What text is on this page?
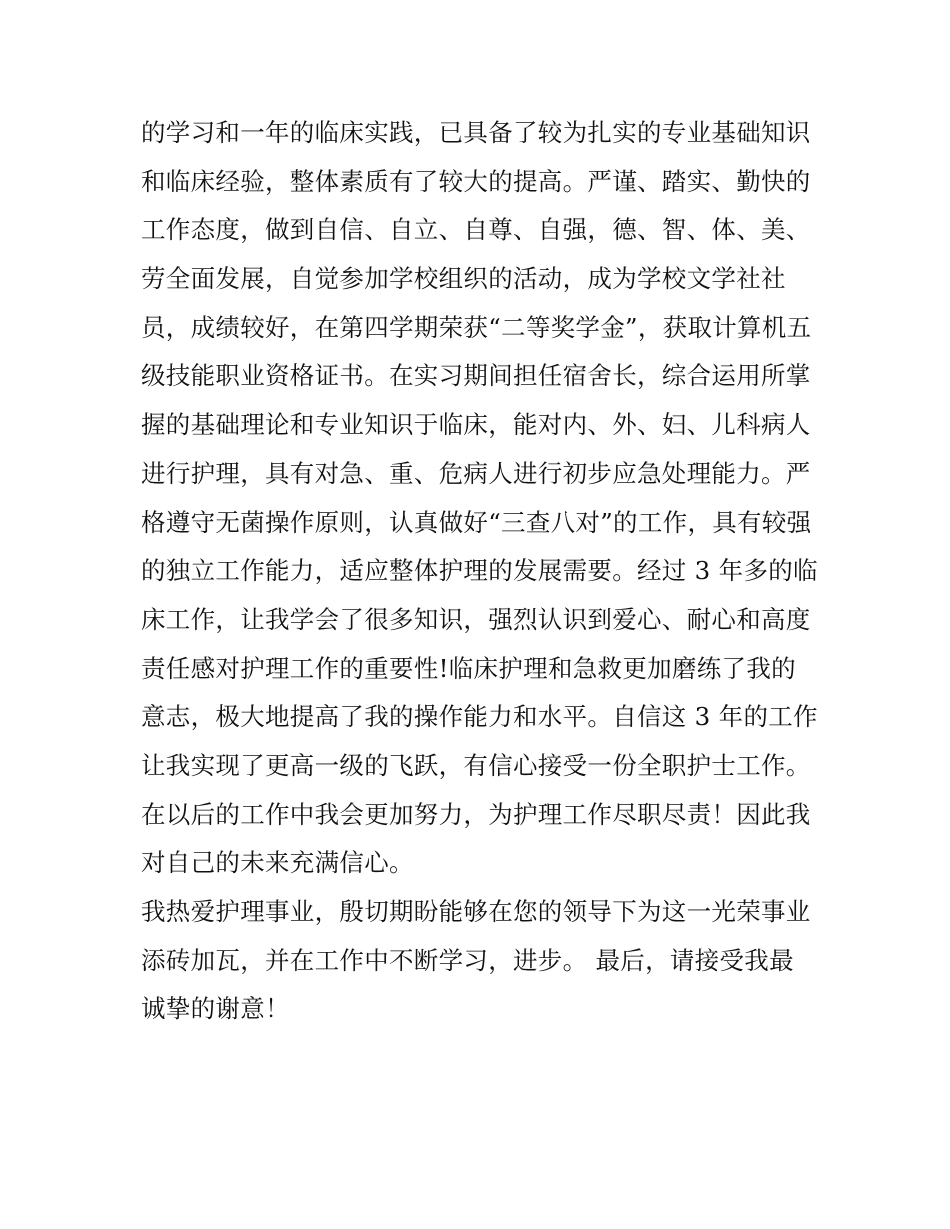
的学习和一年的临床实践，已具备了较为扎实的专业基础知识
和临床经验，整体素质有了较大的提高。严谨、踏实、勤快的
工作态度，做到自信、自立、自尊、自强，德、智、体、美、
劳全面发展，自觉参加学校组织的活动，成为学校文学社社
员，成绩较好，在第四学期荣获“二等奖学金”，获取计算机五
级技能职业资格证书。在实习期间担任宿舍长，综合运用所掌
握的基础理论和专业知识于临床，能对内、外、妇、儿科病人
进行护理，具有对急、重、危病人进行初步应急处理能力。严
格遵守无菌操作原则，认真做好“三查八对”的工作，具有较强
的独立工作能力，适应整体护理的发展需要。经过 3 年多的临
床工作，让我学会了很多知识，强烈认识到爱心、耐心和高度
责任感对护理工作的重要性!临床护理和急救更加磨练了我的
意志，极大地提高了我的操作能力和水平。自信这 3 年的工作
让我实现了更高一级的飞跃，有信心接受一份全职护士工作。
在以后的工作中我会更加努力，为护理工作尽职尽责！因此我
对自己的未来充满信心。
我热爱护理事业，殷切期盼能够在您的领导下为这一光荣事业
添砖加瓦，并在工作中不断学习，进步。 最后，请接受我最
诚挚的谢意！
